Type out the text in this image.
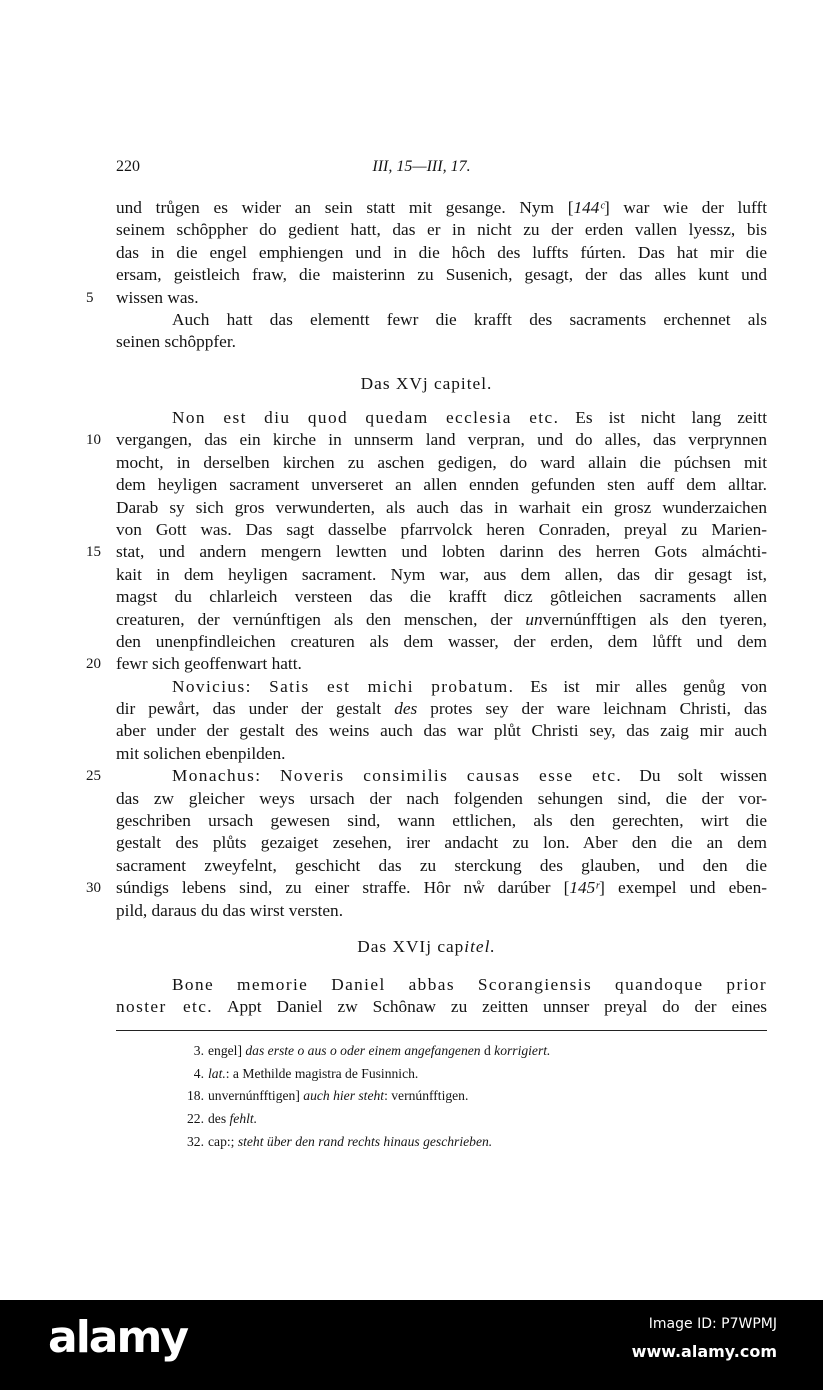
220	III, 15—III, 17.
und trůgen es wider an sein statt mit gesange. Nym [144ᶜ] war wie der lufft
seinem schȏppher do gedient hatt, das er in nicht zu der erden vallen lyessz, bis
das in die engel emphiengen und in die hȏch des luffts fúrten. Das hat mir die
ersam, geistleich fraw, die maisterinn zu Susenich, gesagt, der das alles kunt und
5	wissen was.
Auch hatt das elementt fewr die krafft des sacraments erchennet als
seinen schȏppfer.
Das XVj capitel.
Non est diu quod quedam ecclesia etc. Es ist nicht lang zeitt
10 vergangen, das ein kirche in unnserm land verpran, und do alles, das verprynnen
mocht, in derselben kirchen zu aschen gedigen, do ward allain die púchsen mit
dem heyligen sacrament unverseret an allen ennden gefunden sten auff dem alltar.
Darab sy sich gros verwunderten, als auch das in warhait ein grosz wunderzaichen
von Gott was. Das sagt dasselbe pfarrvolck heren Conraden, preyal zu Marien-
15 stat, und andern mengern lewtten und lobten darinn des herren Gots almáchti-
kait in dem heyligen sacrament. Nym war, aus dem allen, das dir gesagt ist,
magst du chlarleich versteen das die krafft dicz gȏtleichen sacraments allen
creaturen, der vernúnftigen als den menschen, der unvernúnfftigen als den tyeren,
den unenpfindleichen creaturen als dem wasser, der erden, dem lůfft und dem
20 fewr sich geoffenwart hatt.
Novicius: Satis est michi probatum. Es ist mir alles genůg von
dir pewårt, das under der gestalt des protes sey der ware leichnam Christi, das
aber under der gestalt des weins auch das war plůt Christi sey, das zaig mir auch
mit solichen ebenpilden.
25	Monachus: Noveris consimilis causas esse etc. Du solt wissen
das zw gleicher weys ursach der nach folgenden sehungen sind, die der vor-
geschriben ursach gewesen sind, wann ettlichen, als den gerechten, wirt die
gestalt des plůts gezaiget zesehen, irer andacht zu lon. Aber den die an dem
sacrament zweyfelnt, geschicht das zu sterckung des glauben, und den die
30 súndigs lebens sind, zu einer straffe. Hȏr nẘ darúber [145ʳ] exempel und eben-
pild, daraus du das wirst versten.
Das XVIj capitel.
Bone memorie Daniel abbas Scorangiensis quandoque prior
noster etc. Appt Daniel zw Schȏnaw zu zeitten unnser preyal do der eines
3. engel] das erste o aus o oder einem angefangenen d korrigiert.
4. lat.: a Methilde magistra de Fusinnich.
18. unvernúnfftigen] auch hier steht: vernúnfftigen.
22. des fehlt.
32. cap:; steht über den rand rechts hinaus geschrieben.
alamy	Image ID: P7WPMJ
www.alamy.com
